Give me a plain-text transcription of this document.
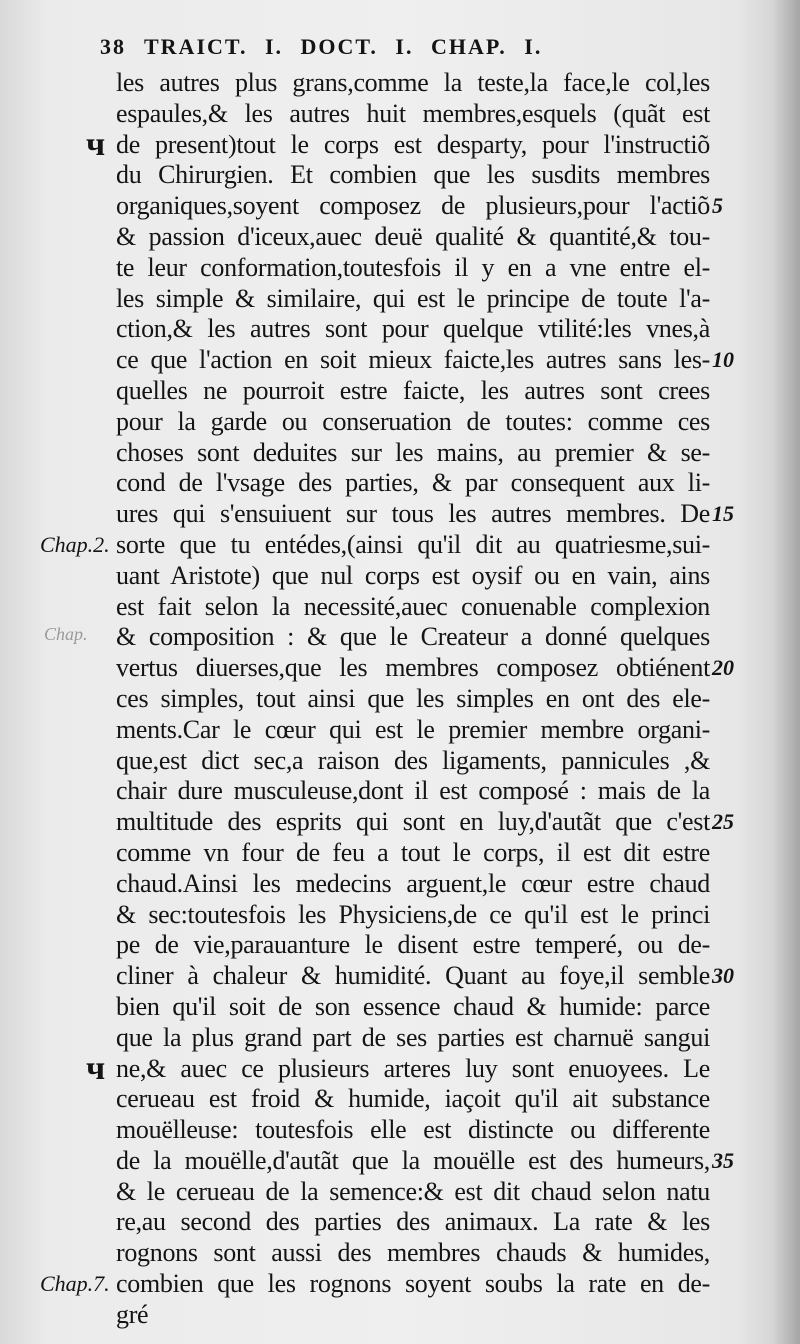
38 TRAICT. I. DOCT. I. CHAP. I.
les autres plus grans,comme la teste,la face,le col,les
espaules,& les autres huit membres,esquels (quãt est
de present)tout le corps est desparty, pour l'instructiõ
du Chirurgien. Et combien que les susdits membres
organiques,soyent composez de plusieurs,pour l'actiõ
& passion d'iceux,auec deuë qualité & quantité,& tou-
te leur conformation,toutesfois il y en a vne entre el-
les simple & similaire, qui est le principe de toute l'a-
ction,& les autres sont pour quelque vtilité:les vnes,à
ce que l'action en soit mieux faicte,les autres sans les-
quelles ne pourroit estre faicte, les autres sont crees
pour la garde ou conseruation de toutes: comme ces
choses sont deduites sur les mains, au premier & se-
cond de l'vsage des parties, & par consequent aux li-
ures qui s'ensuiuent sur tous les autres membres. De
sorte que tu entédes,(ainsi qu'il dit au quatriesme,sui-
uant Aristote) que nul corps est oysif ou en vain, ains
est fait selon la necessité,auec conuenable complexion
& composition : & que le Createur a donné quelques
vertus diuerses,que les membres composez obtiénent
ces simples, tout ainsi que les simples en ont des ele-
ments.Car le cœur qui est le premier membre organi-
que,est dict sec,a raison des ligaments, pannicules ,&
chair dure musculeuse,dont il est composé : mais de la
multitude des esprits qui sont en luy,d'autãt que c'est
comme vn four de feu a tout le corps, il est dit estre
chaud.Ainsi les medecins arguent,le cœur estre chaud
& sec:toutesfois les Physiciens,de ce qu'il est le princi
pe de vie,parauanture le disent estre temperé, ou de-
cliner à chaleur & humidité. Quant au foye,il semble
bien qu'il soit de son essence chaud & humide: parce
que la plus grand part de ses parties est charnuë sangui
ne,& auec ce plusieurs arteres luy sont enuoyees. Le
cerueau est froid & humide, iaçoit qu'il ait substance
mouëlleuse: toutesfois elle est distincte ou differente
de la mouëlle,d'autãt que la mouëlle est des humeurs,
& le cerueau de la semence:& est dit chaud selon natu
re,au second des parties des animaux. La rate & les
rognons sont aussi des membres chauds & humides,
combien que les rognons soyent soubs la rate en de-
gré
ч
Chap.2.
Chap.
ч
Chap.7.
5
10
15
20
25
30
35
